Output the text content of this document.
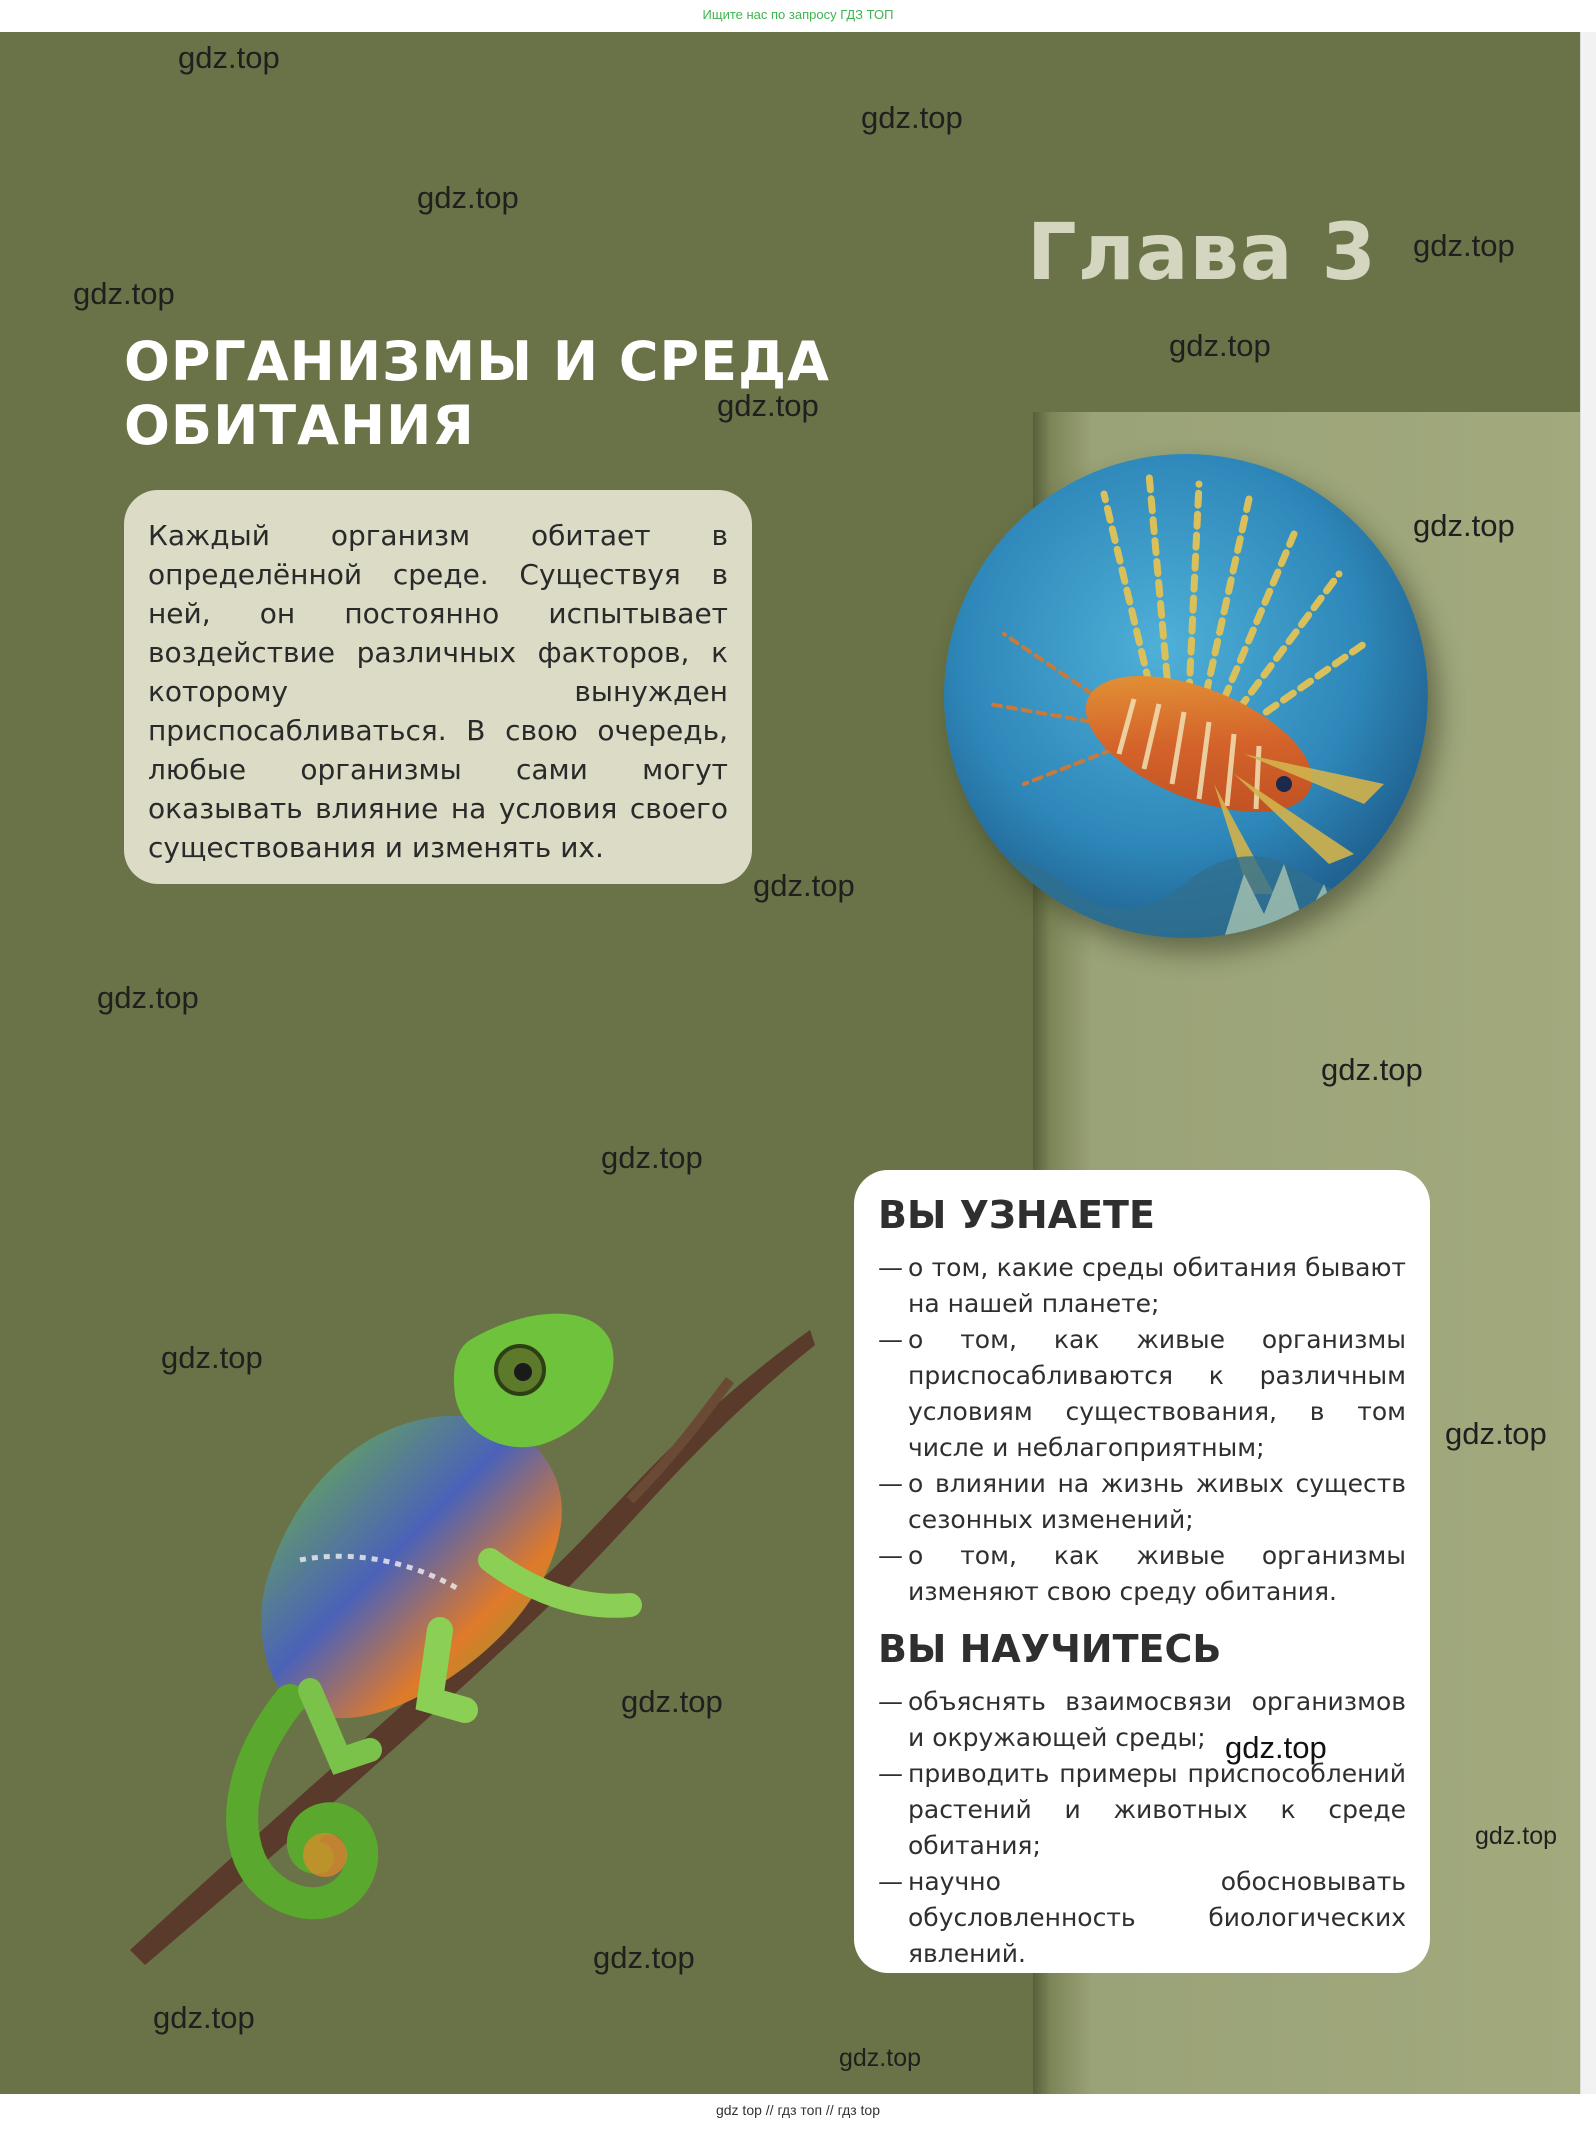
Ищите нас по запросу ГДЗ ТОП
Глава 3
ОРГАНИЗМЫ И СРЕДА
ОБИТАНИЯ

Каждый организм обитает в определённой среде. Существуя в ней, он постоянно испытывает воздействие различных факторов, к которому вынужден приспосабливаться. В свою очередь, любые организмы сами могут оказывать влияние на условия своего существования и изменять их.

ВЫ УЗНАЕТЕ
— о том, какие среды обитания бывают на нашей планете;
— о том, как живые организмы приспосабливаются к различным условиям существования, в том числе и неблагоприятным;
— о влиянии на жизнь живых существ сезонных изменений;
— о том, как живые организмы изменяют свою среду обитания.
ВЫ НАУЧИТЕСЬ
— объяснять взаимосвязи организмов и окружающей среды;
— приводить примеры приспособлений растений и животных к среде обитания;
— научно обосновывать обусловленность биологических явлений.
gdz.top
gdz.top
gdz.top
gdz.top
gdz.top
gdz.top
gdz.top
gdz.top
gdz.top
gdz.top
gdz.top
gdz.top
gdz.top
gdz.top
gdz.top
gdz.top
gdz.top
gdz.top
gdz.top
gdz.top
gdz top // гдз топ // гдз top
